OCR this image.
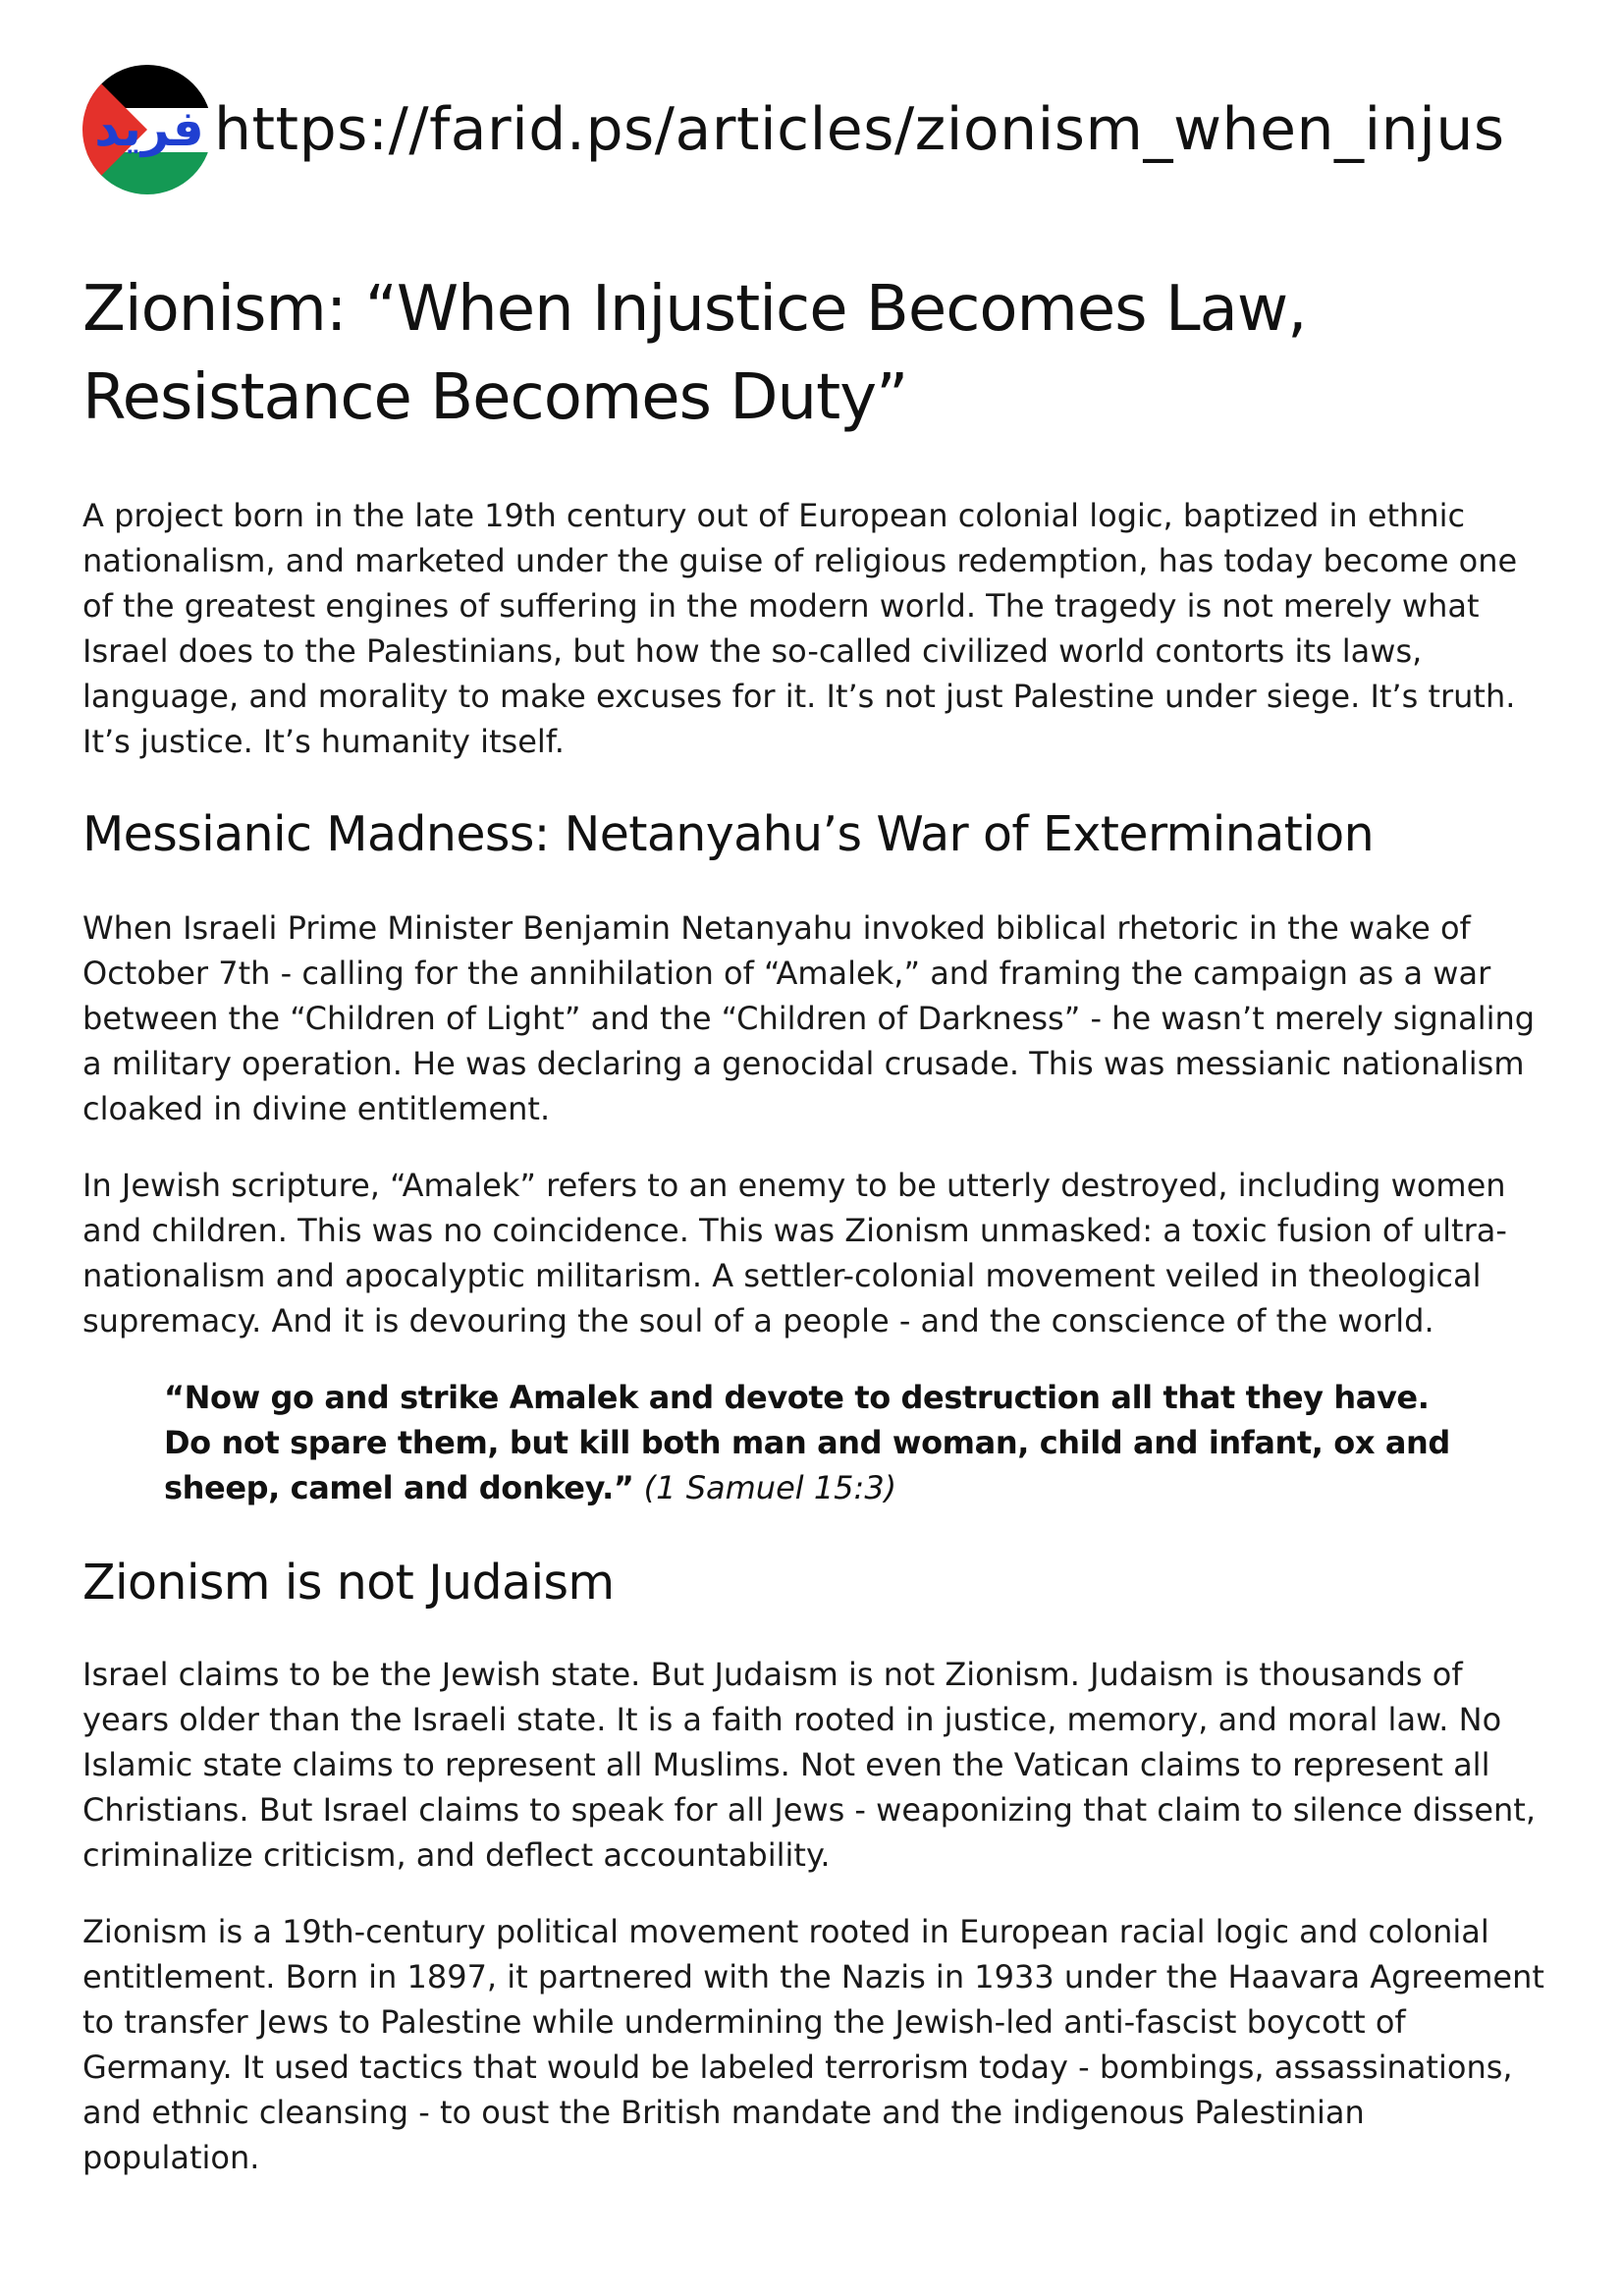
فريد https://farid.ps/articles/zionism_when_injus
Zionism: “When Injustice Becomes Law, Resistance Becomes Duty”

A project born in the late 19th century out of European colonial logic, baptized in ethnic nationalism, and marketed under the guise of religious redemption, has today become one of the greatest engines of suffering in the modern world. The tragedy is not merely what Israel does to the Palestinians, but how the so-called civilized world contorts its laws, language, and morality to make excuses for it. It’s not just Palestine under siege. It’s truth. It’s justice. It’s humanity itself.

Messianic Madness: Netanyahu’s War of Extermination

When Israeli Prime Minister Benjamin Netanyahu invoked biblical rhetoric in the wake of October 7th - calling for the annihilation of “Amalek,” and framing the campaign as a war between the “Children of Light” and the “Children of Darkness” - he wasn’t merely signaling a military operation. He was declaring a genocidal crusade. This was messianic nationalism cloaked in divine entitlement.

In Jewish scripture, “Amalek” refers to an enemy to be utterly destroyed, including women and children. This was no coincidence. This was Zionism unmasked: a toxic fusion of ultra-nationalism and apocalyptic militarism. A settler-colonial movement veiled in theological supremacy. And it is devouring the soul of a people - and the conscience of the world.

“Now go and strike Amalek and devote to destruction all that they have. Do not spare them, but kill both man and woman, child and infant, ox and sheep, camel and donkey.” (1 Samuel 15:3)
Zionism is not Judaism

Israel claims to be the Jewish state. But Judaism is not Zionism. Judaism is thousands of years older than the Israeli state. It is a faith rooted in justice, memory, and moral law. No Islamic state claims to represent all Muslims. Not even the Vatican claims to represent all Christians. But Israel claims to speak for all Jews - weaponizing that claim to silence dissent, criminalize criticism, and deflect accountability.

Zionism is a 19th-century political movement rooted in European racial logic and colonial entitlement. Born in 1897, it partnered with the Nazis in 1933 under the Haavara Agreement to transfer Jews to Palestine while undermining the Jewish-led anti-fascist boycott of Germany. It used tactics that would be labeled terrorism today - bombings, assassinations, and ethnic cleansing - to oust the British mandate and the indigenous Palestinian population.
